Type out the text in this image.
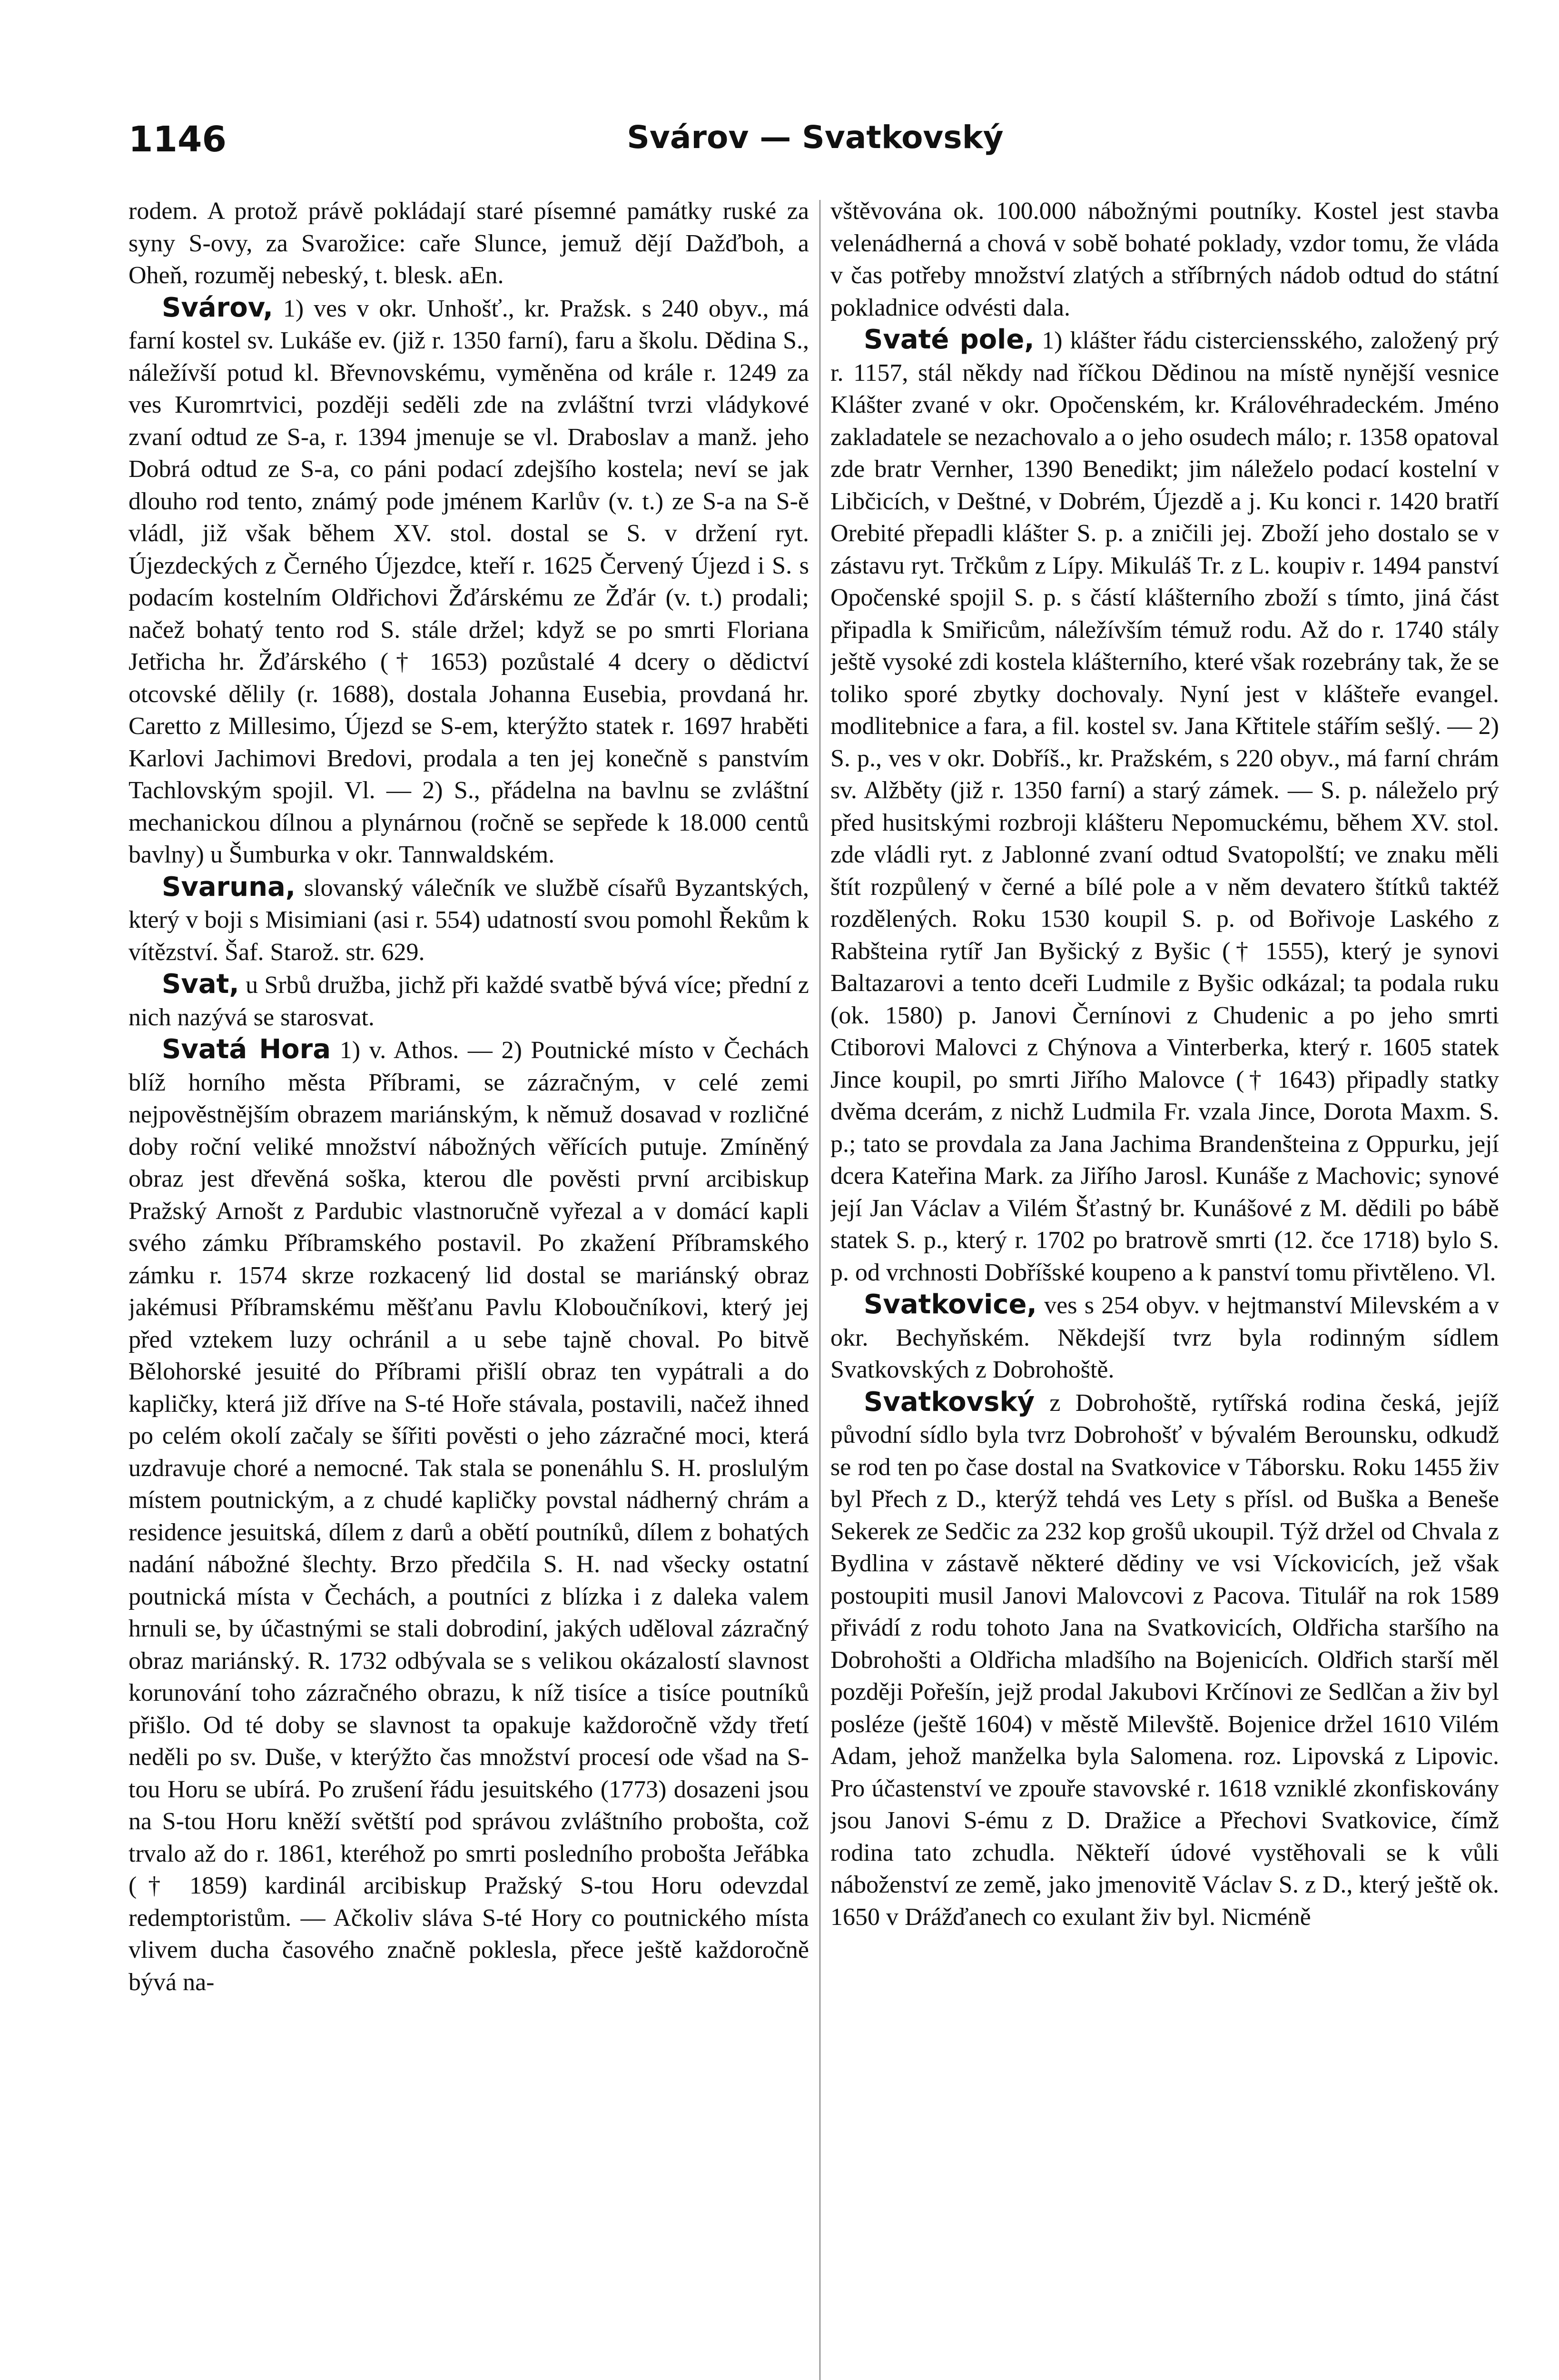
1146	Svárov — Svatkovský

rodem. A protož právě pokládají staré písemné památky ruské za syny S-ovy, za Svarožice: caře Slunce, jemuž dějí Dažďboh, a Oheň, rozuměj nebeský, t. blesk. aEn.

Svárov, 1) ves v okr. Unhošť., kr. Pražsk. s 240 obyv., má farní kostel sv. Lukáše ev. (již r. 1350 farní), faru a školu. Dědina S., náležívší potud kl. Břevnovskému, vyměněna od krále r. 1249 za ves Kuromrtvici, později seděli zde na zvláštní tvrzi vládykové zvaní odtud ze S-a, r. 1394 jmenuje se vl. Draboslav a manž. jeho Dobrá odtud ze S-a, co páni podací zdejšího kostela; neví se jak dlouho rod tento, známý pode jménem Karlův (v. t.) ze S-a na S-ě vládl, již však během XV. stol. dostal se S. v držení ryt. Újezdeckých z Černého Újezdce, kteří r. 1625 Červený Újezd i S. s podacím kostelním Oldřichovi Žďárskému ze Žďár (v. t.) prodali; načež bohatý tento rod S. stále držel; když se po smrti Floriana Jetřicha hr. Žďárského († 1653) pozůstalé 4 dcery o dědictví otcovské dělily (r. 1688), dostala Johanna Eusebia, provdaná hr. Caretto z Millesimo, Újezd se S-em, kterýžto statek r. 1697 hraběti Karlovi Jachimovi Bredovi, prodala a ten jej konečně s panstvím Tachlovským spojil. Vl. — 2) S., přádelna na bavlnu se zvláštní mechanickou dílnou a plynárnou (ročně se sepřede k 18.000 centů bavlny) u Šumburka v okr. Tannwaldském.

Svaruna, slovanský válečník ve službě císařů Byzantských, který v boji s Misimiani (asi r. 554) udatností svou pomohl Řekům k vítězství. Šaf. Starož. str. 629.

Svat, u Srbů družba, jichž při každé svatbě bývá více; přední z nich nazývá se starosvat.

Svatá Hora 1) v. Athos. — 2) Poutnické místo v Čechách blíž horního města Příbrami, se zázračným, v celé zemi nejpověstnějším obrazem mariánským, k němuž dosavad v rozličné doby roční veliké množství nábožných věřících putuje. Zmíněný obraz jest dřevěná soška, kterou dle pověsti první arcibiskup Pražský Arnošt z Pardubic vlastnoručně vyřezal a v domácí kapli svého zámku Příbramského postavil. Po zkažení Příbramského zámku r. 1574 skrze rozkacený lid dostal se mariánský obraz jakémusi Příbramskému měšťanu Pavlu Kloboučníkovi, který jej před vztekem luzy ochránil a u sebe tajně choval. Po bitvě Bělohorské jesuité do Příbrami přišlí obraz ten vypátrali a do kapličky, která již dříve na S-té Hoře stávala, postavili, načež ihned po celém okolí začaly se šířiti pověsti o jeho zázračné moci, která uzdravuje choré a nemocné. Tak stala se ponenáhlu S. H. proslulým místem poutnickým, a z chudé kapličky povstal nádherný chrám a residence jesuitská, dílem z darů a obětí poutníků, dílem z bohatých nadání nábožné šlechty. Brzo předčila S. H. nad všecky ostatní poutnická místa v Čechách, a poutníci z blízka i z daleka valem hrnuli se, by účastnými se stali dobrodiní, jakých uděloval zázračný obraz mariánský. R. 1732 odbývala se s velikou okázalostí slavnost korunování toho zázračného obrazu, k níž tisíce a tisíce poutníků přišlo. Od té doby se slavnost ta opakuje každoročně vždy třetí neděli po sv. Duše, v kterýžto čas množství procesí ode všad na S-tou Horu se ubírá. Po zrušení řádu jesuitského (1773) dosazeni jsou na S-tou Horu kněží světští pod správou zvláštního probošta, což trvalo až do r. 1861, kteréhož po smrti posledního probošta Jeřábka († 1859) kardinál arcibiskup Pražský S-tou Horu odevzdal redemptoristům. — Ačkoliv sláva S-té Hory co poutnického místa vlivem ducha časového značně poklesla, přece ještě každoročně bývá na-

vštěvována ok. 100.000 nábožnými poutníky. Kostel jest stavba velenádherná a chová v sobě bohaté poklady, vzdor tomu, že vláda v čas potřeby množství zlatých a stříbrných nádob odtud do státní pokladnice odvésti dala.

Svaté pole, 1) klášter řádu cisterciensského, založený prý r. 1157, stál někdy nad říčkou Dědinou na místě nynější vesnice Klášter zvané v okr. Opočenském, kr. Královéhradeckém. Jméno zakladatele se nezachovalo a o jeho osudech málo; r. 1358 opatoval zde bratr Vernher, 1390 Benedikt; jim náleželo podací kostelní v Libčicích, v Deštné, v Dobrém, Újezdě a j. Ku konci r. 1420 bratří Orebité přepadli klášter S. p. a zničili jej. Zboží jeho dostalo se v zástavu ryt. Trčkům z Lípy. Mikuláš Tr. z L. koupiv r. 1494 panství Opočenské spojil S. p. s částí klášterního zboží s tímto, jiná část připadla k Smiřicům, náležívším témuž rodu. Až do r. 1740 stály ještě vysoké zdi kostela klášterního, které však rozebrány tak, že se toliko sporé zbytky dochovaly. Nyní jest v klášteře evangel. modlitebnice a fara, a fil. kostel sv. Jana Křtitele stářím sešlý. — 2) S. p., ves v okr. Dobříš., kr. Pražském, s 220 obyv., má farní chrám sv. Alžběty (již r. 1350 farní) a starý zámek. — S. p. náleželo prý před husitskými rozbroji klášteru Nepomuckému, během XV. stol. zde vládli ryt. z Jablonné zvaní odtud Svatopolští; ve znaku měli štít rozpůlený v černé a bílé pole a v něm devatero štítků taktéž rozdělených. Roku 1530 koupil S. p. od Bořivoje Laského z Rabšteina rytíř Jan Byšický z Byšic († 1555), který je synovi Baltazarovi a tento dceři Ludmile z Byšic odkázal; ta podala ruku (ok. 1580) p. Janovi Černínovi z Chudenic a po jeho smrti Ctiborovi Malovci z Chýnova a Vinterberka, který r. 1605 statek Jince koupil, po smrti Jiřího Malovce († 1643) připadly statky dvěma dcerám, z nichž Ludmila Fr. vzala Jince, Dorota Maxm. S. p.; tato se provdala za Jana Jachima Brandenšteina z Oppurku, její dcera Kateřina Mark. za Jiřího Jarosl. Kunáše z Machovic; synové její Jan Václav a Vilém Šťastný br. Kunášové z M. dědili po bábě statek S. p., který r. 1702 po bratrově smrti (12. čce 1718) bylo S. p. od vrchnosti Dobříšské koupeno a k panství tomu přivtěleno. Vl.

Svatkovice, ves s 254 obyv. v hejtmanství Milevském a v okr. Bechyňském. Někdejší tvrz byla rodinným sídlem Svatkovských z Dobrohoště.

Svatkovský z Dobrohoště, rytířská rodina česká, jejíž původní sídlo byla tvrz Dobrohošť v bývalém Berounsku, odkudž se rod ten po čase dostal na Svatkovice v Táborsku. Roku 1455 živ byl Přech z D., kterýž tehdá ves Lety s přísl. od Buška a Beneše Sekerek ze Sedčic za 232 kop grošů ukoupil. Týž držel od Chvala z Bydlina v zástavě některé dědiny ve vsi Víckovicích, jež však postoupiti musil Janovi Malovcovi z Pacova. Titulář na rok 1589 přivádí z rodu tohoto Jana na Svatkovicích, Oldřicha staršího na Dobrohošti a Oldřicha mladšího na Bojenicích. Oldřich starší měl později Pořešín, jejž prodal Jakubovi Krčínovi ze Sedlčan a živ byl posléze (ještě 1604) v městě Milevště. Bojenice držel 1610 Vilém Adam, jehož manželka byla Salomena. roz. Lipovská z Lipovic. Pro účastenství ve zpouře stavovské r. 1618 vzniklé zkonfiskovány jsou Janovi S-ému z D. Dražice a Přechovi Svatkovice, čímž rodina tato zchudla. Někteří údové vystěhovali se k vůli náboženství ze země, jako jmenovitě Václav S. z D., který ještě ok. 1650 v Drážďanech co exulant živ byl. Nicméně
